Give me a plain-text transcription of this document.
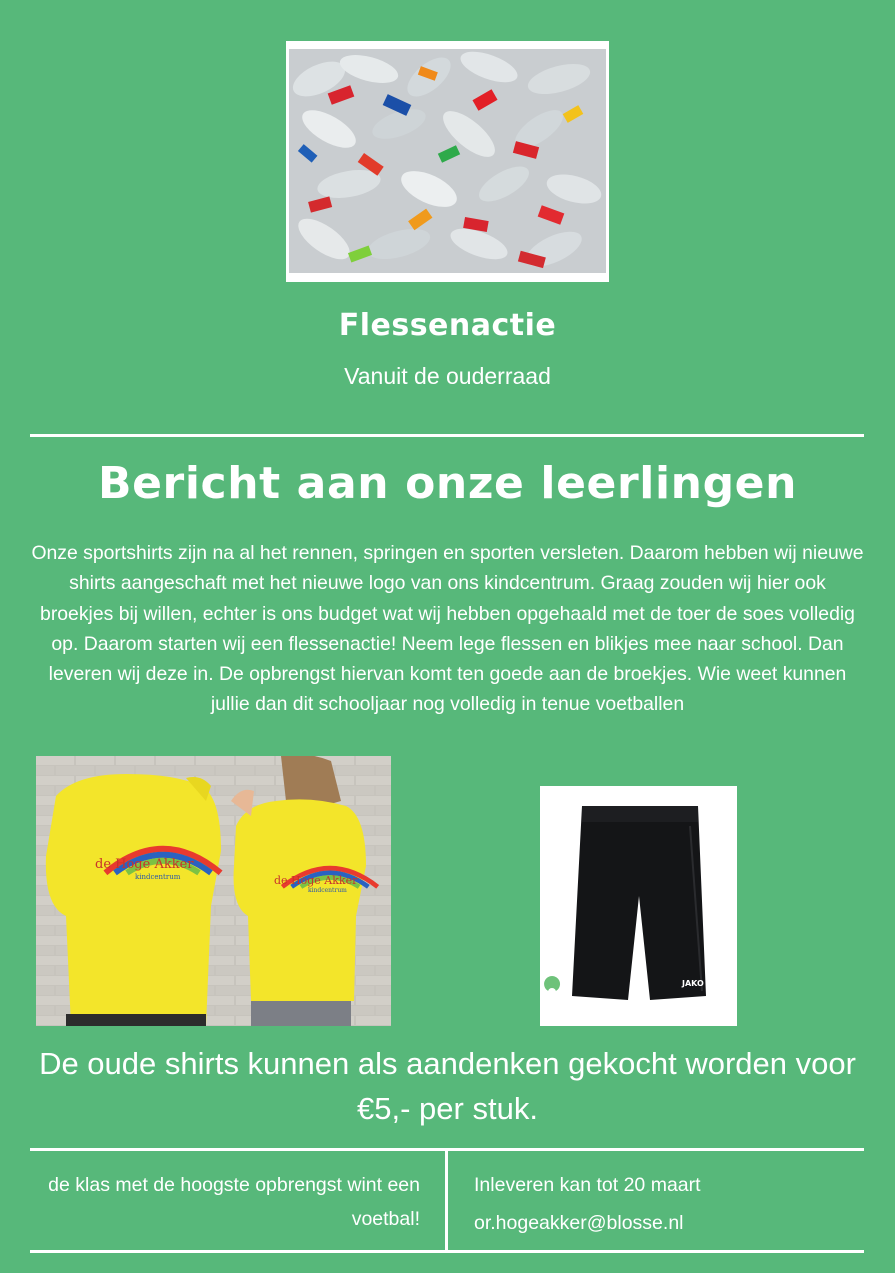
Flessenactie
Vanuit de ouderraad
Bericht aan onze leerlingen
Onze sportshirts zijn na al het rennen, springen en sporten versleten. Daarom hebben wij nieuwe shirts aangeschaft met het nieuwe logo van ons kindcentrum. Graag zouden wij hier ook broekjes bij willen, echter is ons budget wat wij hebben opgehaald met de toer de soes volledig op. Daarom starten wij een flessenactie! Neem lege flessen en blikjes mee naar school. Dan leveren wij deze in. De opbrengst hiervan komt ten goede aan de broekjes. Wie weet kunnen jullie dan dit schooljaar nog volledig in tenue voetballen
de Hoge Akker
kindcentrum	de Hoge Akker
kindcentrum
JAKO
De oude shirts kunnen als aandenken gekocht worden voor €5,- per stuk.
de klas met de hoogste opbrengst wint een voetbal!
Inleveren kan tot 20 maart
or.hogeakker@blosse.nl
